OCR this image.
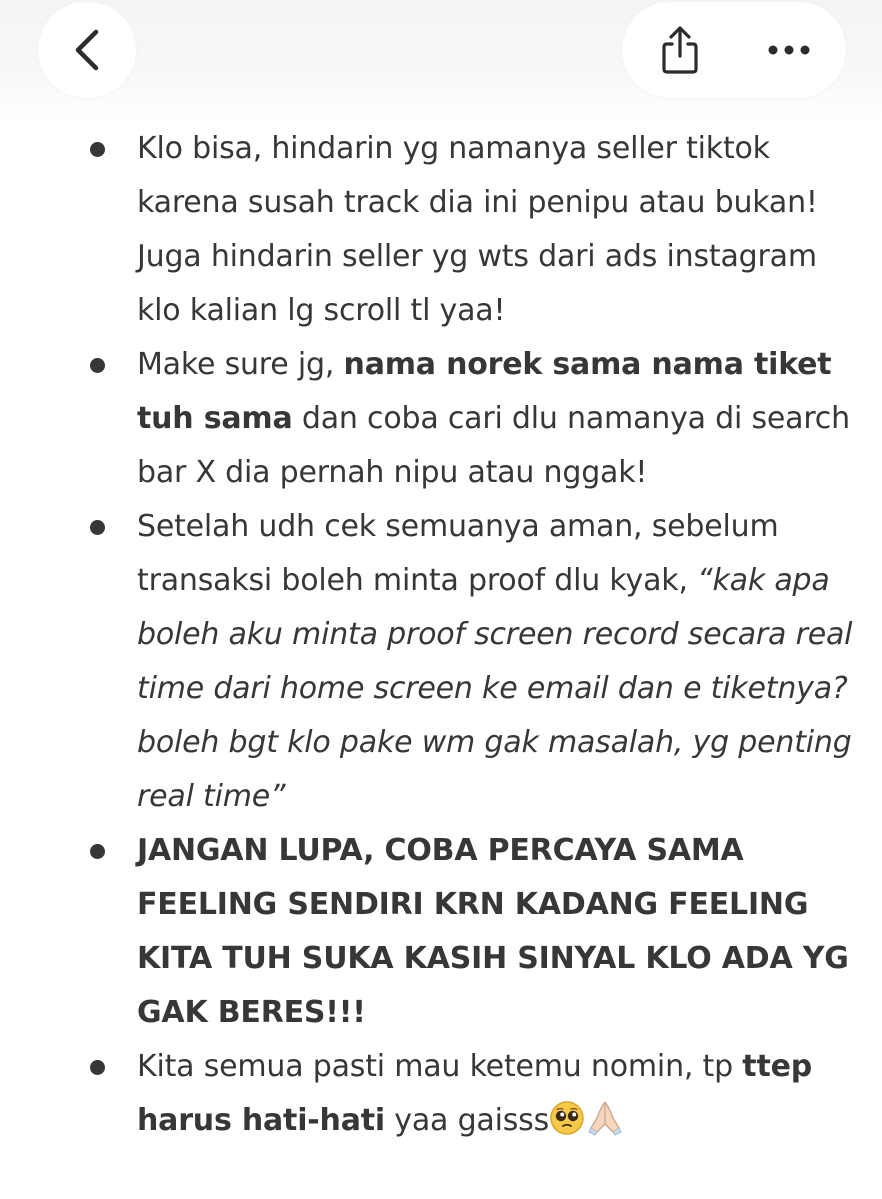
Klo bisa, hindarin yg namanya seller tiktok karena susah track dia ini penipu atau bukan! Juga hindarin seller yg wts dari ads instagram klo kalian lg scroll tl yaa!
Make sure jg, nama norek sama nama tiket tuh sama dan coba cari dlu namanya di search bar X dia pernah nipu atau nggak!
Setelah udh cek semuanya aman, sebelum transaksi boleh minta proof dlu kyak, “kak apa boleh aku minta proof screen record secara real time dari home screen ke email dan e tiketnya? boleh bgt klo pake wm gak masalah, yg penting real time”
JANGAN LUPA, COBA PERCAYA SAMA FEELING SENDIRI KRN KADANG FEELING KITA TUH SUKA KASIH SINYAL KLO ADA YG GAK BERES!!!
Kita semua pasti mau ketemu nomin, tp ttep harus hati-hati yaa gaisss
